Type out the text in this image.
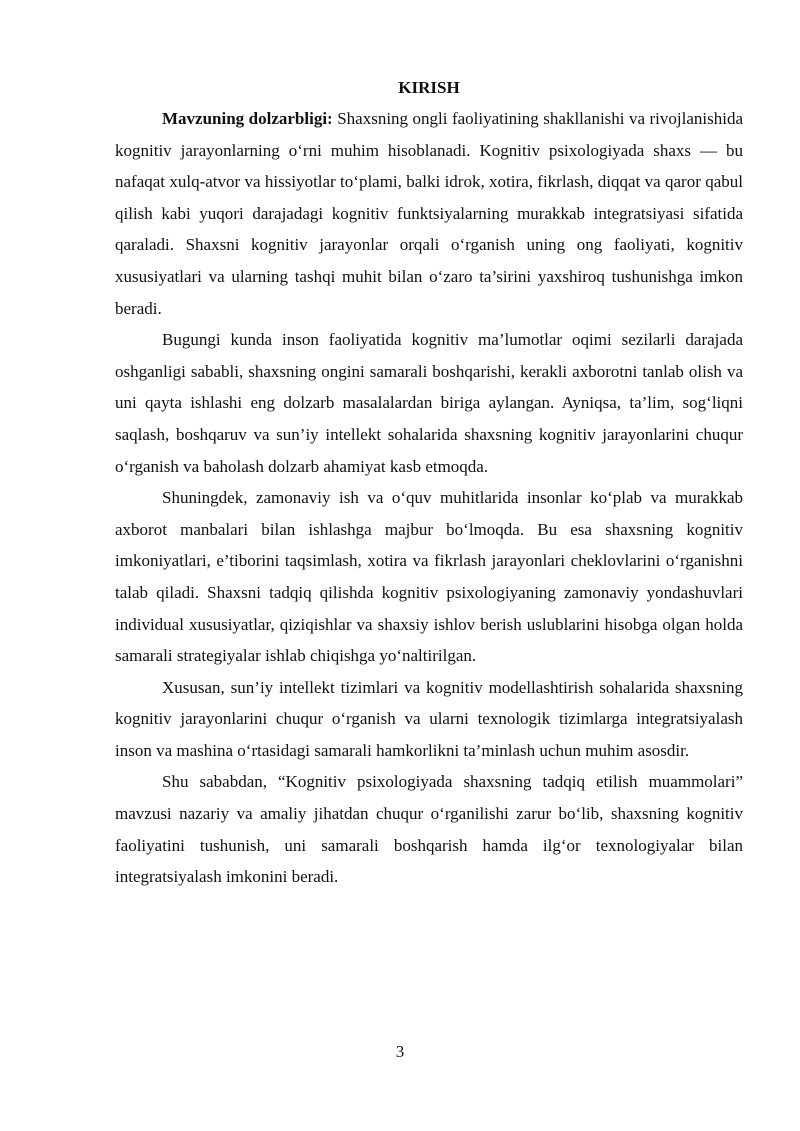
KIRISH

Mavzuning dolzarbligi: Shaxsning ongli faoliyatining shakllanishi va rivojlanishida kognitiv jarayonlarning o‘rni muhim hisoblanadi. Kognitiv psixologiyada shaxs — bu nafaqat xulq-atvor va hissiyotlar to‘plami, balki idrok, xotira, fikrlash, diqqat va qaror qabul qilish kabi yuqori darajadagi kognitiv funktsiyalarning murakkab integratsiyasi sifatida qaraladi. Shaxsni kognitiv jarayonlar orqali o‘rganish uning ong faoliyati, kognitiv xususiyatlari va ularning tashqi muhit bilan o‘zaro ta’sirini yaxshiroq tushunishga imkon beradi.

Bugungi kunda inson faoliyatida kognitiv ma’lumotlar oqimi sezilarli darajada oshganligi sababli, shaxsning ongini samarali boshqarishi, kerakli axborotni tanlab olish va uni qayta ishlashi eng dolzarb masalalardan biriga aylangan. Ayniqsa, ta’lim, sog‘liqni saqlash, boshqaruv va sun’iy intellekt sohalarida shaxsning kognitiv jarayonlarini chuqur o‘rganish va baholash dolzarb ahamiyat kasb etmoqda.

Shuningdek, zamonaviy ish va o‘quv muhitlarida insonlar ko‘plab va murakkab axborot manbalari bilan ishlashga majbur bo‘lmoqda. Bu esa shaxsning kognitiv imkoniyatlari, e’tiborini taqsimlash, xotira va fikrlash jarayonlari cheklovlarini o‘rganishni talab qiladi. Shaxsni tadqiq qilishda kognitiv psixologiyaning zamonaviy yondashuvlari individual xususiyatlar, qiziqishlar va shaxsiy ishlov berish uslublarini hisobga olgan holda samarali strategiyalar ishlab chiqishga yo‘naltirilgan.

Xususan, sun’iy intellekt tizimlari va kognitiv modellashtirish sohalarida shaxsning kognitiv jarayonlarini chuqur o‘rganish va ularni texnologik tizimlarga integratsiyalash inson va mashina o‘rtasidagi samarali hamkorlikni ta’minlash uchun muhim asosdir.

Shu sababdan, “Kognitiv psixologiyada shaxsning tadqiq etilish muammolari” mavzusi nazariy va amaliy jihatdan chuqur o‘rganilishi zarur bo‘lib, shaxsning kognitiv faoliyatini tushunish, uni samarali boshqarish hamda ilg‘or texnologiyalar bilan integratsiyalash imkonini beradi.

3
